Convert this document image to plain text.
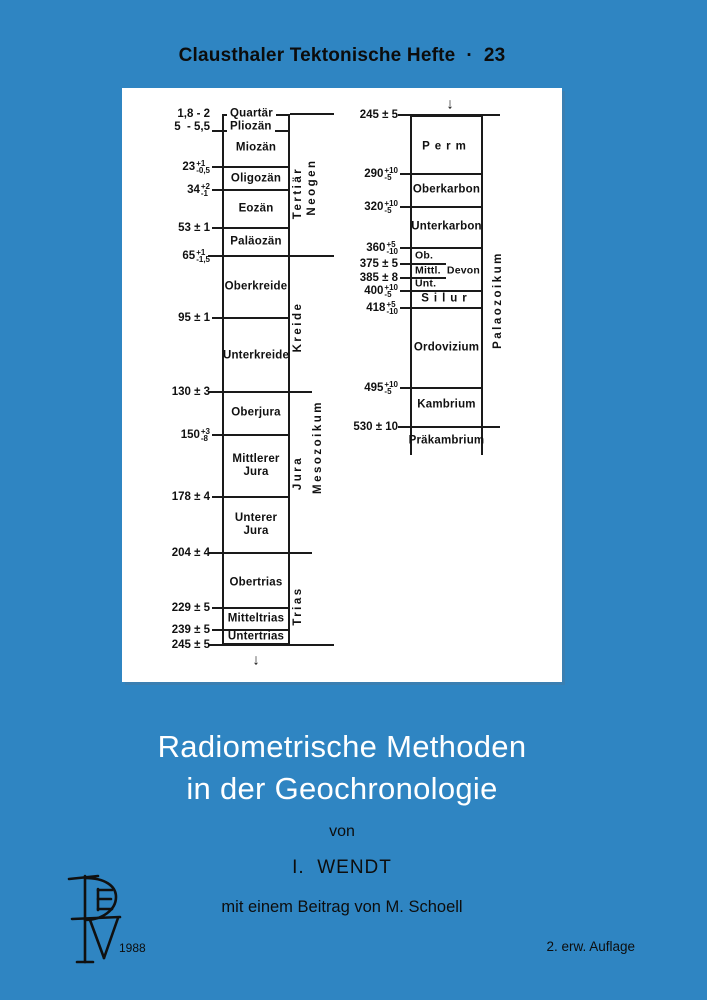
Clausthaler Tektonische Hefte  ·  23
1,8 - 2
5  - 5,5
23 +1
-0,5
34 +2
-1
53 ± 1
65 +1
-1,5
95 ± 1
130 ± 3
150 +3
-8
178 ± 4
204 ± 4
229 ± 5
239 ± 5
245 ± 5
Quartär
Pliozän
Miozän
Oligozän
Eozän
Paläozän
Oberkreide
Unterkreide
Oberjura
Mittlerer
Jura
Unterer
Jura
Obertrias
Mitteltrias
Untertrias
Tertiär Neogen
Kreide
Jura
Trias
Mesozoikum
↓
245 ± 5
290 +10
-5
320 +10
-5
360 +5
-10
375 ± 5
385 ± 8
400 +10
-5
418 +5
-10
495 +10
-5
530 ± 10
Perm
Oberkarbon
Unterkarbon
Ob.
Mittl.  Devon
Unt.
Silur
Ordovizium
Kambrium
Präkambrium
Palaozoikum
↓
Radiometrische Methoden
in der Geochronologie
von
I.  WENDT
mit einem Beitrag von M. Schoell
1988	2. erw. Auflage
